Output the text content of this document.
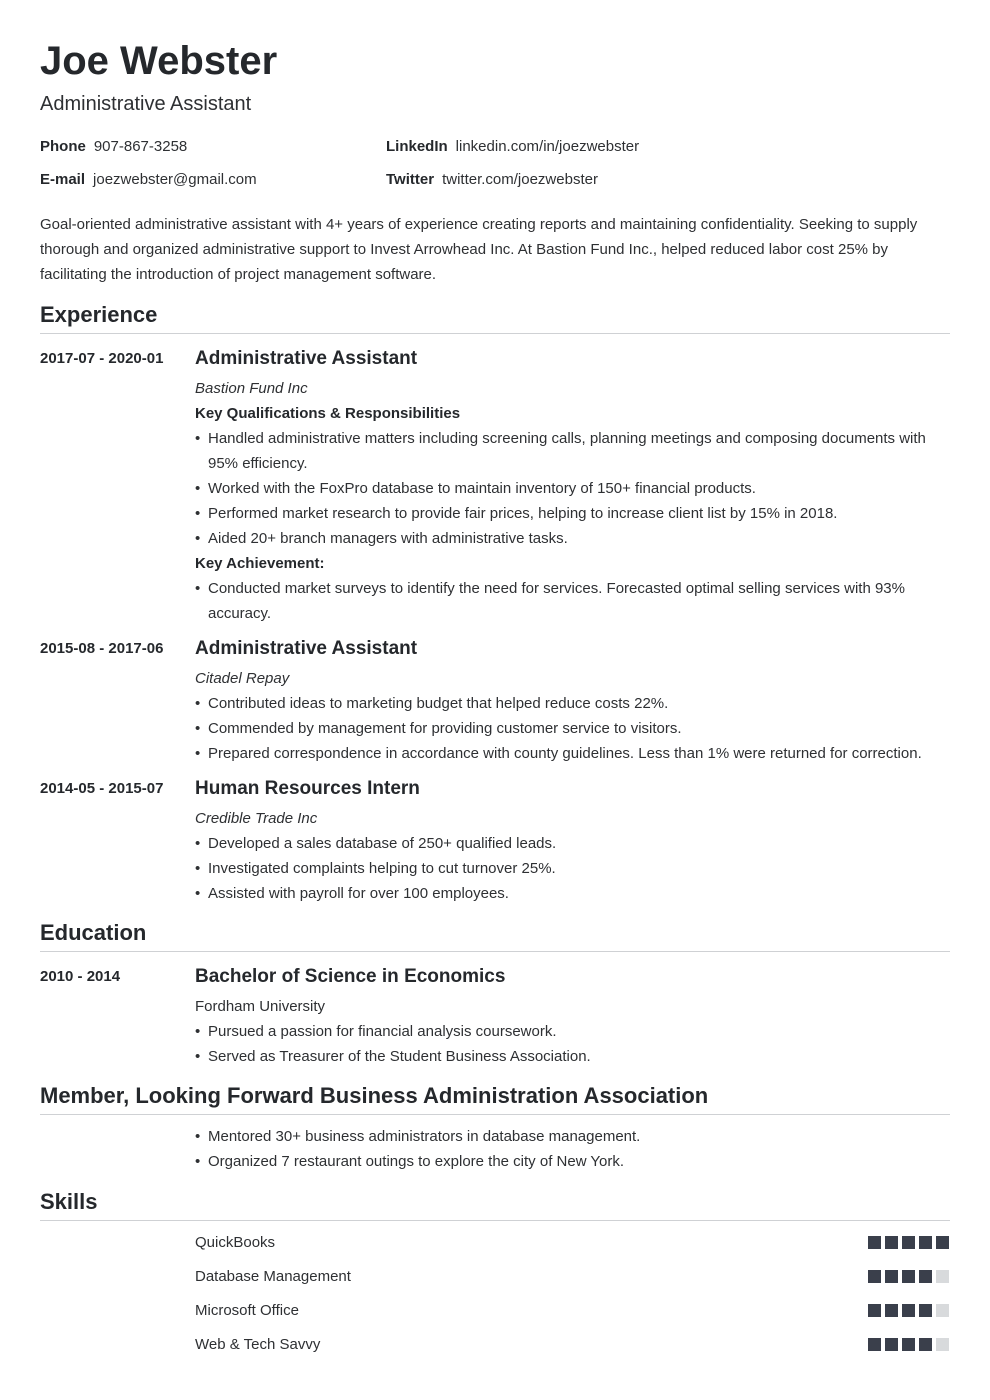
Joe Webster
Administrative Assistant
Phone 907-867-3258
E-mail joezwebster@gmail.com
LinkedIn linkedin.com/in/joezwebster
Twitter twitter.com/joezwebster
Goal-oriented administrative assistant with 4+ years of experience creating reports and maintaining confidentiality. Seeking to supply thorough and organized administrative support to Invest Arrowhead Inc. At Bastion Fund Inc., helped reduced labor cost 25% by facilitating the introduction of project management software.
Experience
2017-07 - 2020-01 Administrative Assistant
Bastion Fund Inc
Key Qualifications & Responsibilities
• Handled administrative matters including screening calls, planning meetings and composing documents with 95% efficiency.
• Worked with the FoxPro database to maintain inventory of 150+ financial products.
• Performed market research to provide fair prices, helping to increase client list by 15% in 2018.
• Aided 20+ branch managers with administrative tasks.
Key Achievement:
• Conducted market surveys to identify the need for services. Forecasted optimal selling services with 93% accuracy.
2015-08 - 2017-06 Administrative Assistant
Citadel Repay
• Contributed ideas to marketing budget that helped reduce costs 22%.
• Commended by management for providing customer service to visitors.
• Prepared correspondence in accordance with county guidelines. Less than 1% were returned for correction.
2014-05 - 2015-07 Human Resources Intern
Credible Trade Inc
• Developed a sales database of 250+ qualified leads.
• Investigated complaints helping to cut turnover 25%.
• Assisted with payroll for over 100 employees.
Education
2010 - 2014	Bachelor of Science in Economics
Fordham University
• Pursued a passion for financial analysis coursework.
• Served as Treasurer of the Student Business Association.
Member, Looking Forward Business Administration Association
• Mentored 30+ business administrators in database management.
• Organized 7 restaurant outings to explore the city of New York.
Skills
QuickBooks
Database Management
Microsoft Office
Web & Tech Savvy
